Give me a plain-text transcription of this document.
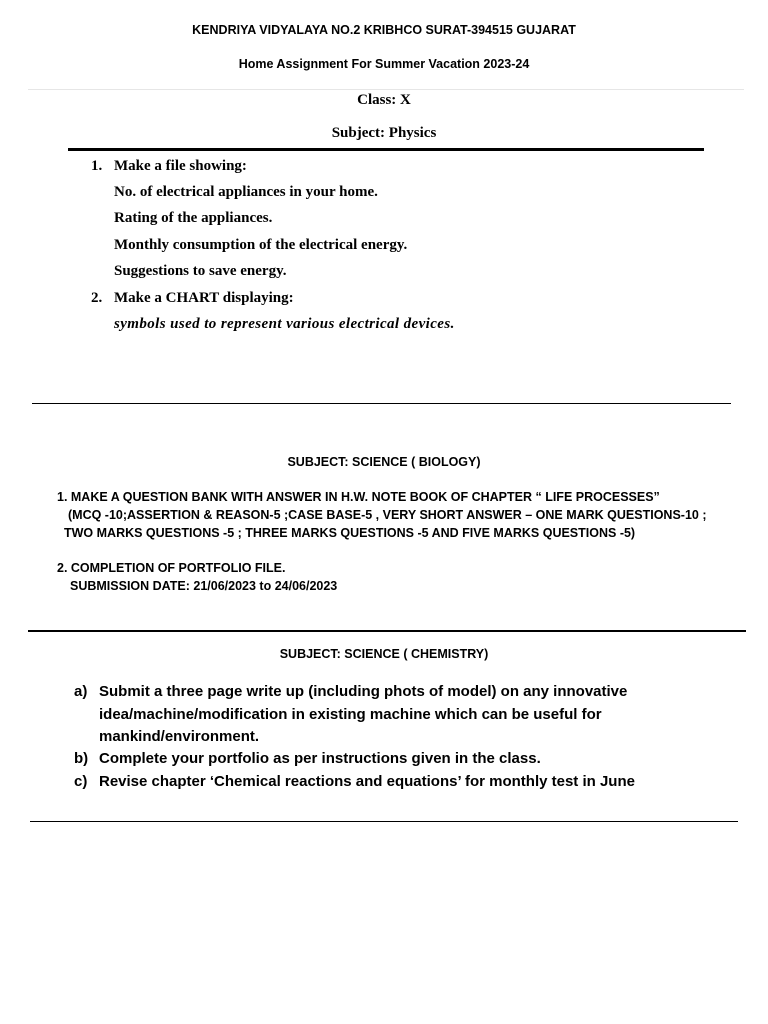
KENDRIYA VIDYALAYA NO.2 KRIBHCO SURAT-394515 GUJARAT
Home Assignment For Summer Vacation 2023-24
Class: X
Subject: Physics
1. Make a file showing:
No. of electrical appliances in your home.
Rating of the appliances.
Monthly consumption of the electrical energy.
Suggestions to save energy.
2. Make a CHART displaying:
symbols used to represent various electrical devices.
SUBJECT: SCIENCE ( BIOLOGY)
1. MAKE A QUESTION BANK WITH ANSWER IN H.W. NOTE BOOK OF CHAPTER “ LIFE PROCESSES”
(MCQ -10;ASSERTION & REASON-5 ;CASE BASE-5 , VERY SHORT ANSWER – ONE MARK QUESTIONS-10 ;
TWO MARKS QUESTIONS -5 ; THREE MARKS QUESTIONS -5 AND FIVE MARKS QUESTIONS -5)
2. COMPLETION OF PORTFOLIO FILE.
SUBMISSION DATE: 21/06/2023 to 24/06/2023
SUBJECT: SCIENCE ( CHEMISTRY)
a) Submit a three page write up (including phots of model) on any innovative
idea/machine/modification in existing machine which can be useful for
mankind/environment.
b) Complete your portfolio as per instructions given in the class.
c) Revise chapter ‘Chemical reactions and equations’ for monthly test in June
